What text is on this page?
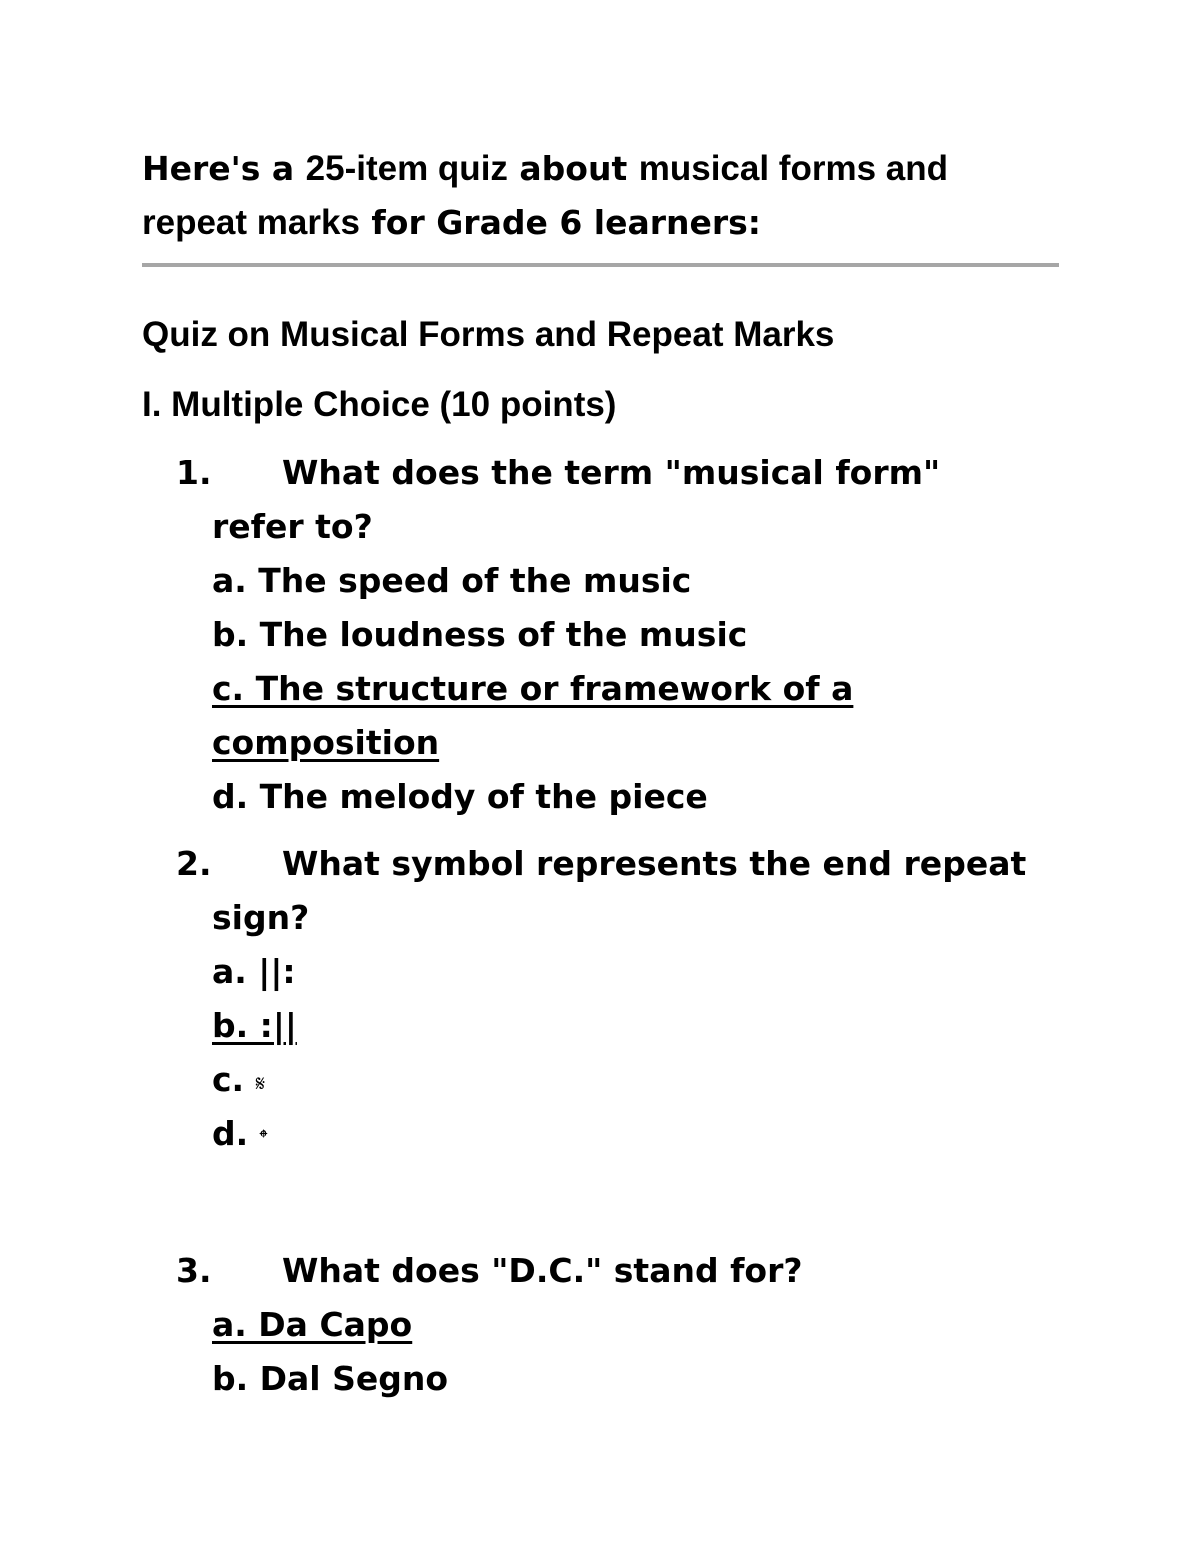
Here's a 25-item quiz about musical forms and repeat marks for Grade 6 learners:

Quiz on Musical Forms and Repeat Marks
I. Multiple Choice (10 points)
1. What does the term "musical form"
refer to?
a. The speed of the music
b. The loudness of the music
c. The structure or framework of a
composition
d. The melody of the piece
2. What symbol represents the end repeat
sign?
a. ||:
b. :||
c. 𝄋
d. 𝄌
3. What does "D.C." stand for?
a. Da Capo
b. Dal Segno
